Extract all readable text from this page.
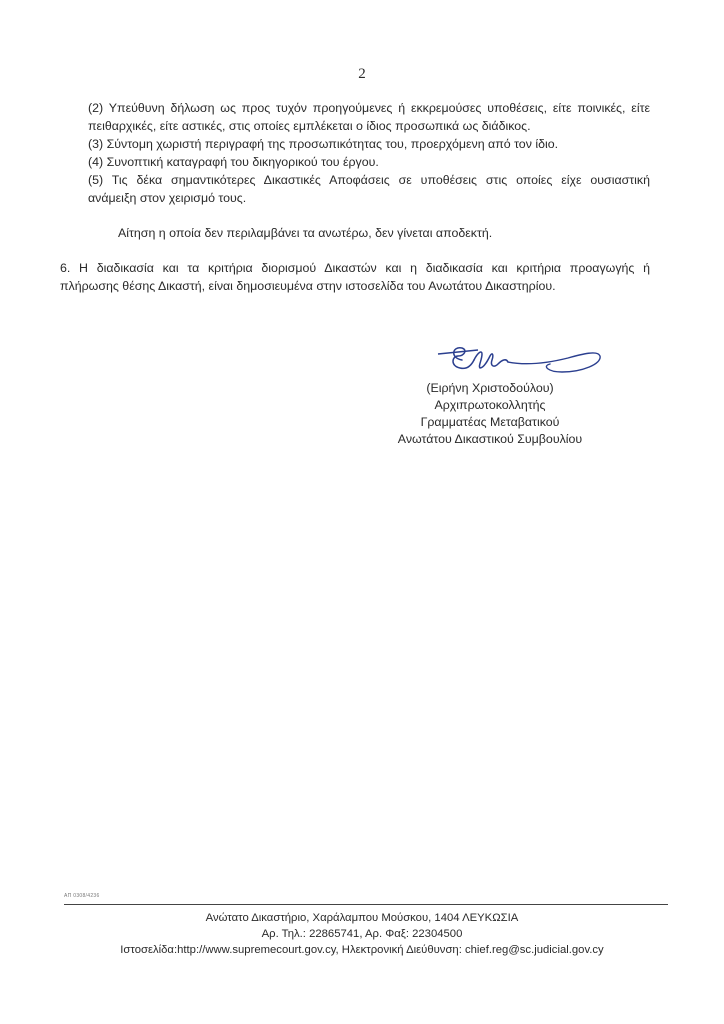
2
(2) Υπεύθυνη δήλωση ως προς τυχόν προηγούμενες ή εκκρεμούσες υποθέσεις, είτε ποινικές, είτε
πειθαρχικές, είτε αστικές, στις οποίες εμπλέκεται ο ίδιος προσωπικά ως διάδικος.
(3) Σύντομη χωριστή περιγραφή της προσωπικότητας του, προερχόμενη από τον ίδιο.
(4) Συνοπτική καταγραφή του δικηγορικού του έργου.
(5) Τις δέκα σημαντικότερες Δικαστικές Αποφάσεις σε υποθέσεις στις οποίες είχε ουσιαστική
ανάμειξη στον χειρισμό τους.
Αίτηση η οποία δεν περιλαμβάνει τα ανωτέρω, δεν γίνεται αποδεκτή.
6. Η διαδικασία και τα κριτήρια διορισμού Δικαστών και η διαδικασία και κριτήρια προαγωγής ή
πλήρωσης θέσης Δικαστή, είναι δημοσιευμένα στην ιστοσελίδα του Ανωτάτου Δικαστηρίου.
(Ειρήνη Χριστοδούλου)
Αρχιπρωτοκολλητής
Γραμματέας Μεταβατικού
Ανωτάτου Δικαστικού Συμβουλίου
ΑΠ 0308/4236
Ανώτατο Δικαστήριο, Χαράλαμπου Μούσκου, 1404 ΛΕΥΚΩΣΙΑ
Αρ. Τηλ.: 22865741, Αρ. Φαξ: 22304500
Ιστοσελίδα:http://www.supremecourt.gov.cy, Ηλεκτρονική Διεύθυνση: chief.reg@sc.judicial.gov.cy
